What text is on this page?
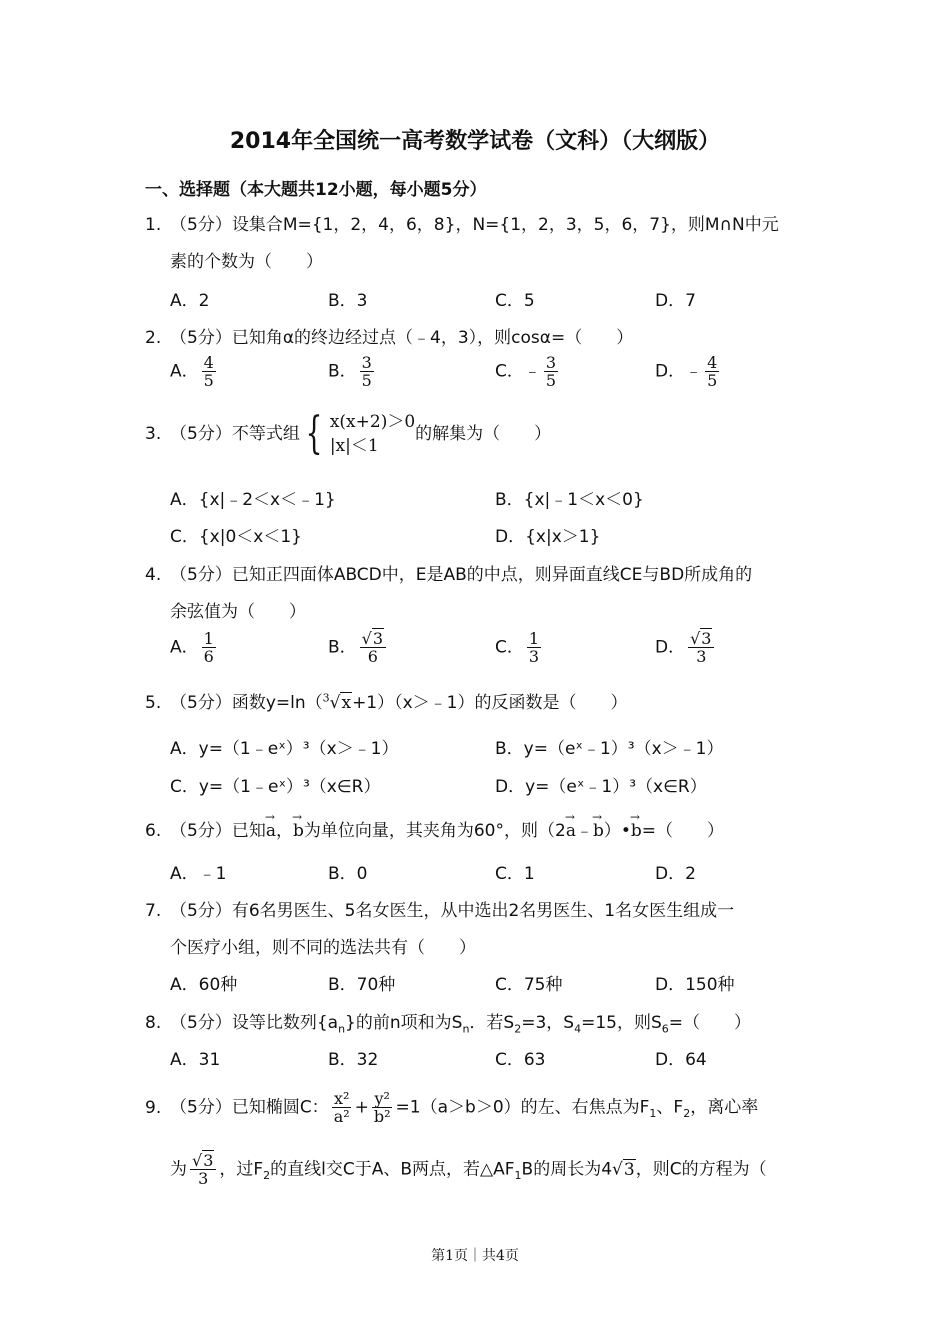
2014年全国统一高考数学试卷（文科）（大纲版）
一、选择题（本大题共12小题，每小题5分）
1. （5分）设集合M={1，2，4，6，8}，N={1，2，3，5，6，7}，则M∩N中元
素的个数为（　　）
A．2	B．3	C．5	D．7
2. （5分）已知角α的终边经过点（﹣4，3），则cosα=（　　）
A． $\frac{4}{5}$	B． $\frac{3}{5}$	C．﹣ $\frac{3}{5}$	D．﹣ $\frac{4}{5}$
3. （5分）不等式组 { x(x+2)＞0
|x|＜1
的解集为（　　）
A．{x|﹣2＜x＜﹣1}	B．{x|﹣1＜x＜0}
C．{x|0＜x＜1}	D．{x|x＞1}
4. （5分）已知正四面体ABCD中，E是AB的中点，则异面直线CE与BD所成角的
余弦值为（　　）
A． $\frac{1}{6}$	B． $\frac{√3}{6}$	C． $\frac{1}{3}$	D． $\frac{√3}{3}$
5. （5分）函数y=ln（$^3$√x+1）（x＞﹣1）的反函数是（　　）
A．y=（1﹣eˣ）³（x＞﹣1）	B．y=（eˣ﹣1）³（x＞﹣1）
C．y=（1﹣eˣ）³（x∈R）	D．y=（eˣ﹣1）³（x∈R）
6. （5分）已知→ a，→ b为单位向量，其夹角为60°，则（2→ a﹣→ b）•→ b=（　　）
A．﹣1	B．0	C．1	D．2
7. （5分）有6名男医生、5名女医生，从中选出2名男医生、1名女医生组成一
个医疗小组，则不同的选法共有（　　）
A．60种	B．70种	C．75种	D．150种
8. （5分）设等比数列$\{a_n\}$的前n项和为$S_n$．若$S_2=3$，$S_4=15$，则$S_6=$（　　）
A．31	B．32	C．63	D．64
9. （5分）已知椭圆C： $\frac{\text{x²}}{\text{a²}} + \frac{\text{y²}}{\text{b²}} =1(a>b>0)$的左、右焦点为$F_1$、$F_2$，离心率
为 $\frac{√3}{3}$ ，过$F_2$的直线l交C于A、B两点，若$\triangle AF_1B$的周长为4√3，则C的方程为（
第1页｜共4页
